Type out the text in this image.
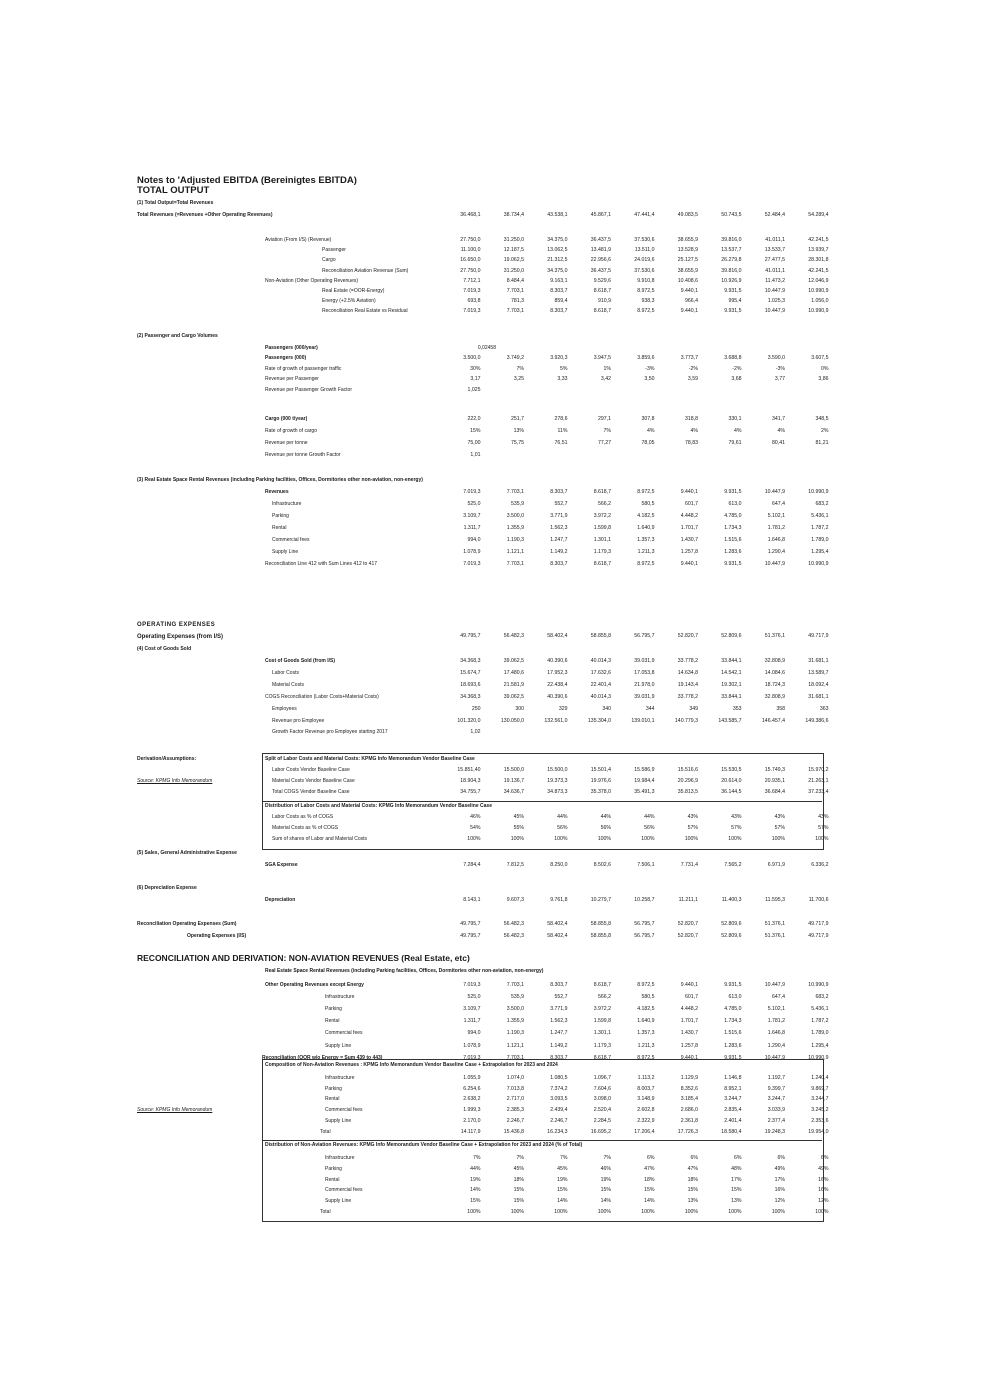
Notes to 'Adjusted EBITDA (Bereinigtes EBITDA)
TOTAL OUTPUT
(1) Total Output=Total Revenues
Total Revenues (=Revenues +Other Operating Revenues)	36.468,1	38.734,4	43.538,1	45.867,1	47.441,4	49.083,5	50.743,5	52.484,4	54.289,4
Aviation (From I/S) (Revenue)	27.750,0	31.250,0	34.375,0	36.437,5	37.530,6	38.655,9	39.816,0	41.011,1	42.241,5
Passenger	11.100,0	12.187,5	13.062,5	13.481,9	13.511,0	13.528,9	13.537,7	13.533,7	13.939,7
Cargo	16.650,0	19.062,5	21.312,5	22.956,6	24.019,6	25.127,5	26.279,8	27.477,5	28.301,8
Reconciliation Aviation Revenue (Sum)	27.750,0	31.250,0	34.375,0	36.437,5	37.530,6	38.655,9	39.816,0	41.011,1	42.241,5
Non-Aviation (Other Operating Revenues)	7.712,1	8.484,4	9.163,1	9.529,6	9.910,8	10.408,6	10.926,9	11.473,2	12.046,9
Real Estate (=OOR-Energy)	7.019,3	7.703,1	8.303,7	8.618,7	8.972,5	9.440,1	9.931,5	10.447,9	10.990,9
Energy (+2.5% Aviation)	693,8	781,3	859,4	910,9	938,3	966,4	995,4	1.025,3	1.056,0
Reconciliation Real Estate vs Residual	7.019,3	7.703,1	8.303,7	8.618,7	8.972,5	9.440,1	9.931,5	10.447,9	10.990,9
(2) Passenger and Cargo Volumes
Passengers (000/year)	0,02458
Passengers (000)	3.500,0	3.749,2	3.920,3	3.947,5	3.859,6	3.773,7	3.688,8	3.590,0	3.607,5
Rate of growth of passenger traffic	30%	7%	5%	1%	-3%	-2%	-2%	-3%	0%
Revenue per Passenger	3,17	3,25	3,33	3,42	3,50	3,59	3,68	3,77	3,86
Revenue per Passenger Growth Factor	1,025
Cargo (000 t/year)	222,0	251,7	278,6	297,1	307,8	318,8	330,1	341,7	348,5
Rate of growth of cargo	15%	13%	11%	7%	4%	4%	4%	4%	2%
Revenue per tonne	75,00	75,75	76,51	77,27	78,05	78,83	79,61	80,41	81,21
Revenue per tonne Growth Factor	1,01
(3) Real Estate Space Rental Revenues (including Parking facilities, Offices, Dormitories other non-aviation, non-energy)
Revenues	7.019,3	7.703,1	8.303,7	8.618,7	8.972,5	9.440,1	9.931,5	10.447,9	10.990,9
Infrastructure	525,0	535,9	552,7	566,2	580,5	601,7	613,0	647,4	683,2
Parking	3.109,7	3.500,0	3.771,9	3.972,2	4.182,5	4.448,2	4.785,0	5.102,1	5.436,1
Rental	1.311,7	1.355,9	1.562,3	1.599,8	1.640,9	1.701,7	1.734,3	1.781,2	1.787,2
Commercial fees	994,0	1.190,3	1.247,7	1.301,1	1.357,3	1.430,7	1.515,6	1.646,8	1.789,0
Supply Line	1.078,9	1.121,1	1.149,2	1.179,3	1.211,3	1.257,8	1.283,6	1.290,4	1.295,4
Reconciliation Line 412 with Sum Lines 412 to 417	7.019,3	7.703,1	8.303,7	8.618,7	8.972,5	9.440,1	9.931,5	10.447,9	10.990,9
OPERATING EXPENSES
Operating Expenses (from I/S)	49.795,7	56.482,3	58.402,4	58.855,8	56.795,7	52.820,7	52.809,6	51.376,1	49.717,9
(4) Cost of Goods Sold
Cost of Goods Sold (from I/S)	34.368,3	39.062,5	40.390,6	40.014,3	39.031,9	33.778,2	33.844,1	32.808,9	31.681,1
Labor Costs	15.674,7	17.480,6	17.952,3	17.632,6	17.053,8	14.634,8	14.542,1	14.084,6	13.589,7
Material Costs	18.693,6	21.581,9	22.438,4	22.401,4	21.978,0	19.143,4	19.302,1	18.724,3	18.092,4
COGS Reconciliation (Labor Costs+Material Costs)	34.368,3	39.062,5	40.390,6	40.014,3	39.031,9	33.778,2	33.844,1	32.808,9	31.681,1
Employees	250	300	329	340	344	349	353	358	363
Revenue pro Employee	101.320,0	130.050,0	132.561,0	135.304,0	139.010,1	140.779,3	143.585,7	146.457,4	149.386,6
Growth Factor Revenue pro Employee starting 2017	1,02
Derivation/Assumptions:
Source: KPMG Info Memorandum
Split of Labor Costs and Material Costs: KPMG Info Memorandum Vendor Baseline Case
Distribution of Labor Costs and Material Costs: KPMG Info Memorandum Vendor Baseline Case
Labor Costs Vendor Baseline Case	15.851,40	15.500,0	15.500,0	15.501,4	15.586,9	15.516,6	15.530,5	15.749,3	15.970,2
Material Costs Vendor Baseline Case	18.904,3	19.136,7	19.373,3	19.976,6	19.984,4	20.296,9	20.614,0	20.935,1	21.263,1
Total COGS Vendor Baseline Case	34.755,7	34.636,7	34.873,3	35.378,0	35.491,3	35.813,5	36.144,5	36.684,4	37.233,4
Labor Costs as % of COGS	46%	45%	44%	44%	44%	43%	43%	43%	43%
Material Costs as % of COGS	54%	55%	56%	56%	56%	57%	57%	57%	57%
Sum of shares of Labor and Material Costs	100%	100%	100%	100%	100%	100%	100%	100%	100%
(5) Sales, General Administrative Expense
SGA Expense	7.284,4	7.812,5	8.250,0	8.502,6	7.506,1	7.731,4	7.565,2	6.971,9	6.336,2
(6) Depreciation Expense
Depreciation	8.143,1	9.607,3	9.761,8	10.279,7	10.258,7	11.211,1	11.400,3	11.595,3	11.700,6
Reconciliation Operating Expenses (Sum)	49.795,7	56.482,3	58.402,4	58.855,8	56.795,7	52.820,7	52.809,6	51.376,1	49.717,9
Operating Expenses (I/S)	49.795,7	56.482,3	58.402,4	58.855,8	56.795,7	52.820,7	52.809,6	51.376,1	49.717,9
RECONCILIATION AND DERIVATION: NON-AVIATION REVENUES (Real Estate, etc)
Real Estate Space Rental Revenues (including Parking facilities, Offices, Dormitories other non-aviation, non-energy)
Other Operating Revenues except Energy	7.019,3	7.703,1	8.303,7	8.618,7	8.972,5	9.440,1	9.931,5	10.447,9	10.990,9
Infrastructure	525,0	535,9	552,7	566,2	580,5	601,7	613,0	647,4	683,2
Parking	3.109,7	3.500,0	3.771,9	3.972,2	4.182,5	4.448,2	4.785,0	5.102,1	5.436,1
Rental	1.311,7	1.355,9	1.562,3	1.599,8	1.640,9	1.701,7	1.734,3	1.781,2	1.787,2
Commercial fees	994,0	1.190,3	1.247,7	1.301,1	1.357,3	1.430,7	1.515,6	1.646,8	1.789,0
Supply Line	1.078,9	1.121,1	1.149,2	1.179,3	1.211,3	1.257,8	1.283,6	1.290,4	1.295,4
Reconciliation (OOR w/o Energy = Sum 439 to 443)	7.019,3	7.703,1	8.303,7	8.618,7	8.972,5	9.440,1	9.931,5	10.447,9	10.990,9
Composition of Non-Aviation Revenues : KPMG Info Memorandum Vendor Baseline Case + Extrapolation for 2023 and 2024
Source: KPMG Info Memorandum
Infrastructure	1.055,9	1.074,0	1.080,5	1.096,7	1.113,2	1.129,9	1.146,8	1.192,7	1.240,4
Parking	6.254,6	7.013,8	7.374,2	7.604,6	8.003,7	8.352,6	8.952,1	9.399,7	9.869,7
Rental	2.638,2	2.717,0	3.093,5	3.098,0	3.148,9	3.185,4	3.244,7	3.244,7	3.244,7
Commercial fees	1.999,3	2.385,3	2.439,4	2.520,4	2.602,8	2.686,0	2.835,4	3.033,9	3.245,2
Supply Line	2.170,0	2.246,7	2.246,7	2.284,5	2.322,9	2.361,8	2.401,4	2.377,4	2.353,6
Total	14.117,9	15.436,8	16.234,3	16.695,2	17.206,4	17.726,3	18.580,4	19.248,3	19.954,0
Distribution of Non-Aviation Revenues: KPMG Info Memorandum Vendor Baseline Case + Extrapolation for 2023 and 2024 (% of Total)
Infrastructure	7%	7%	7%	7%	6%	6%	6%	6%	6%
Parking	44%	45%	45%	46%	47%	47%	48%	49%	49%
Rental	19%	18%	19%	19%	18%	18%	17%	17%	16%
Commercial fees	14%	15%	15%	15%	15%	15%	15%	16%	16%
Supply Line	15%	15%	14%	14%	14%	13%	13%	12%	12%
Total	100%	100%	100%	100%	100%	100%	100%	100%	100%
